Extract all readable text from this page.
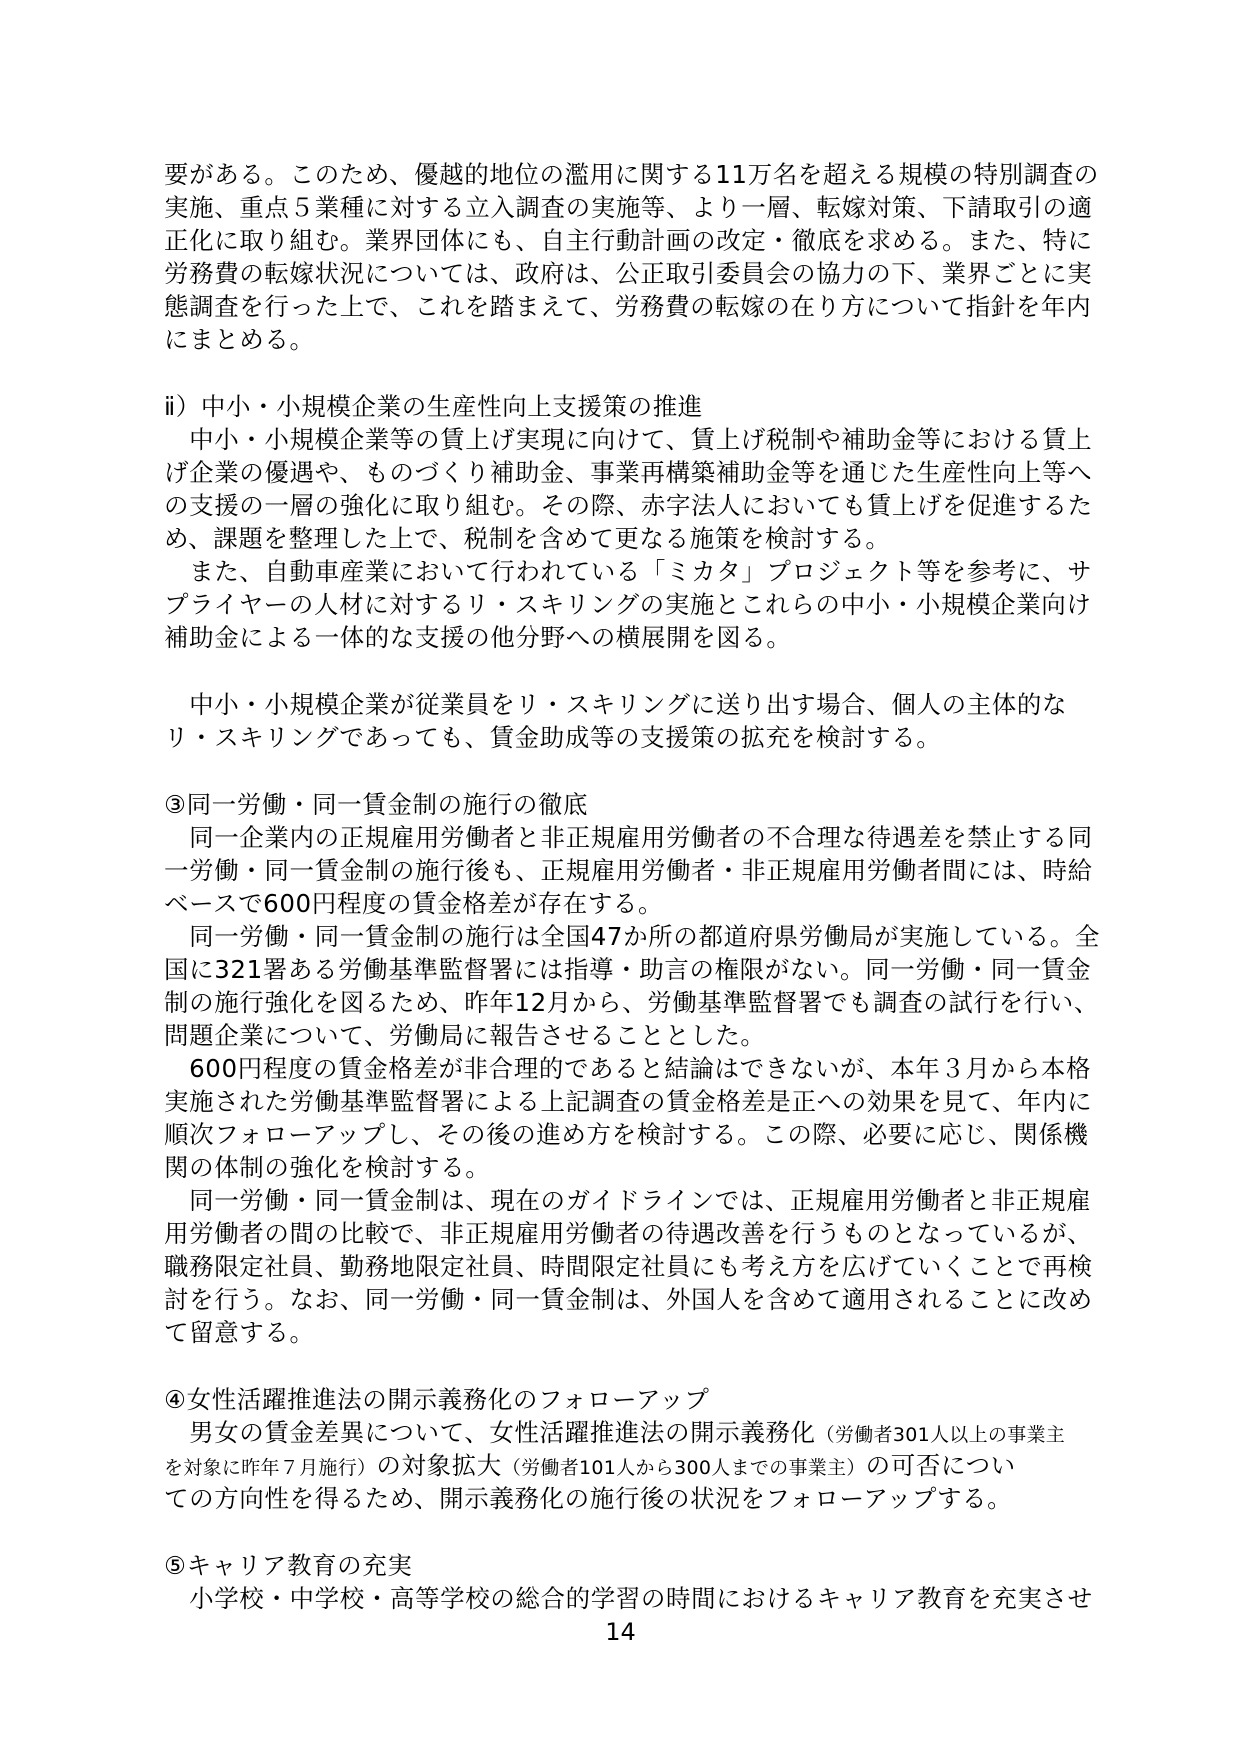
要がある。このため、優越的地位の濫用に関する11万名を超える規模の特別調査の
実施、重点５業種に対する立入調査の実施等、より一層、転嫁対策、下請取引の適
正化に取り組む。業界団体にも、自主行動計画の改定・徹底を求める。また、特に
労務費の転嫁状況については、政府は、公正取引委員会の協力の下、業界ごとに実
態調査を行った上で、これを踏まえて、労務費の転嫁の在り方について指針を年内
にまとめる。
ⅱ）中小・小規模企業の生産性向上支援策の推進
　中小・小規模企業等の賃上げ実現に向けて、賃上げ税制や補助金等における賃上
げ企業の優遇や、ものづくり補助金、事業再構築補助金等を通じた生産性向上等へ
の支援の一層の強化に取り組む。その際、赤字法人においても賃上げを促進するた
め、課題を整理した上で、税制を含めて更なる施策を検討する。
　また、自動車産業において行われている「ミカタ」プロジェクト等を参考に、サ
プライヤーの人材に対するリ・スキリングの実施とこれらの中小・小規模企業向け
補助金による一体的な支援の他分野への横展開を図る。
　中小・小規模企業が従業員をリ・スキリングに送り出す場合、個人の主体的な
リ・スキリングであっても、賃金助成等の支援策の拡充を検討する。
③同一労働・同一賃金制の施行の徹底
　同一企業内の正規雇用労働者と非正規雇用労働者の不合理な待遇差を禁止する同
一労働・同一賃金制の施行後も、正規雇用労働者・非正規雇用労働者間には、時給
ベースで600円程度の賃金格差が存在する。
　同一労働・同一賃金制の施行は全国47か所の都道府県労働局が実施している。全
国に321署ある労働基準監督署には指導・助言の権限がない。同一労働・同一賃金
制の施行強化を図るため、昨年12月から、労働基準監督署でも調査の試行を行い、
問題企業について、労働局に報告させることとした。
　600円程度の賃金格差が非合理的であると結論はできないが、本年３月から本格
実施された労働基準監督署による上記調査の賃金格差是正への効果を見て、年内に
順次フォローアップし、その後の進め方を検討する。この際、必要に応じ、関係機
関の体制の強化を検討する。
　同一労働・同一賃金制は、現在のガイドラインでは、正規雇用労働者と非正規雇
用労働者の間の比較で、非正規雇用労働者の待遇改善を行うものとなっているが、
職務限定社員、勤務地限定社員、時間限定社員にも考え方を広げていくことで再検
討を行う。なお、同一労働・同一賃金制は、外国人を含めて適用されることに改め
て留意する。
④女性活躍推進法の開示義務化のフォローアップ
　男女の賃金差異について、女性活躍推進法の開示義務化（労働者301人以上の事業主
を対象に昨年７月施行）の対象拡大（労働者101人から300人までの事業主）の可否につい
ての方向性を得るため、開示義務化の施行後の状況をフォローアップする。
⑤キャリア教育の充実
　小学校・中学校・高等学校の総合的学習の時間におけるキャリア教育を充実させ
14
